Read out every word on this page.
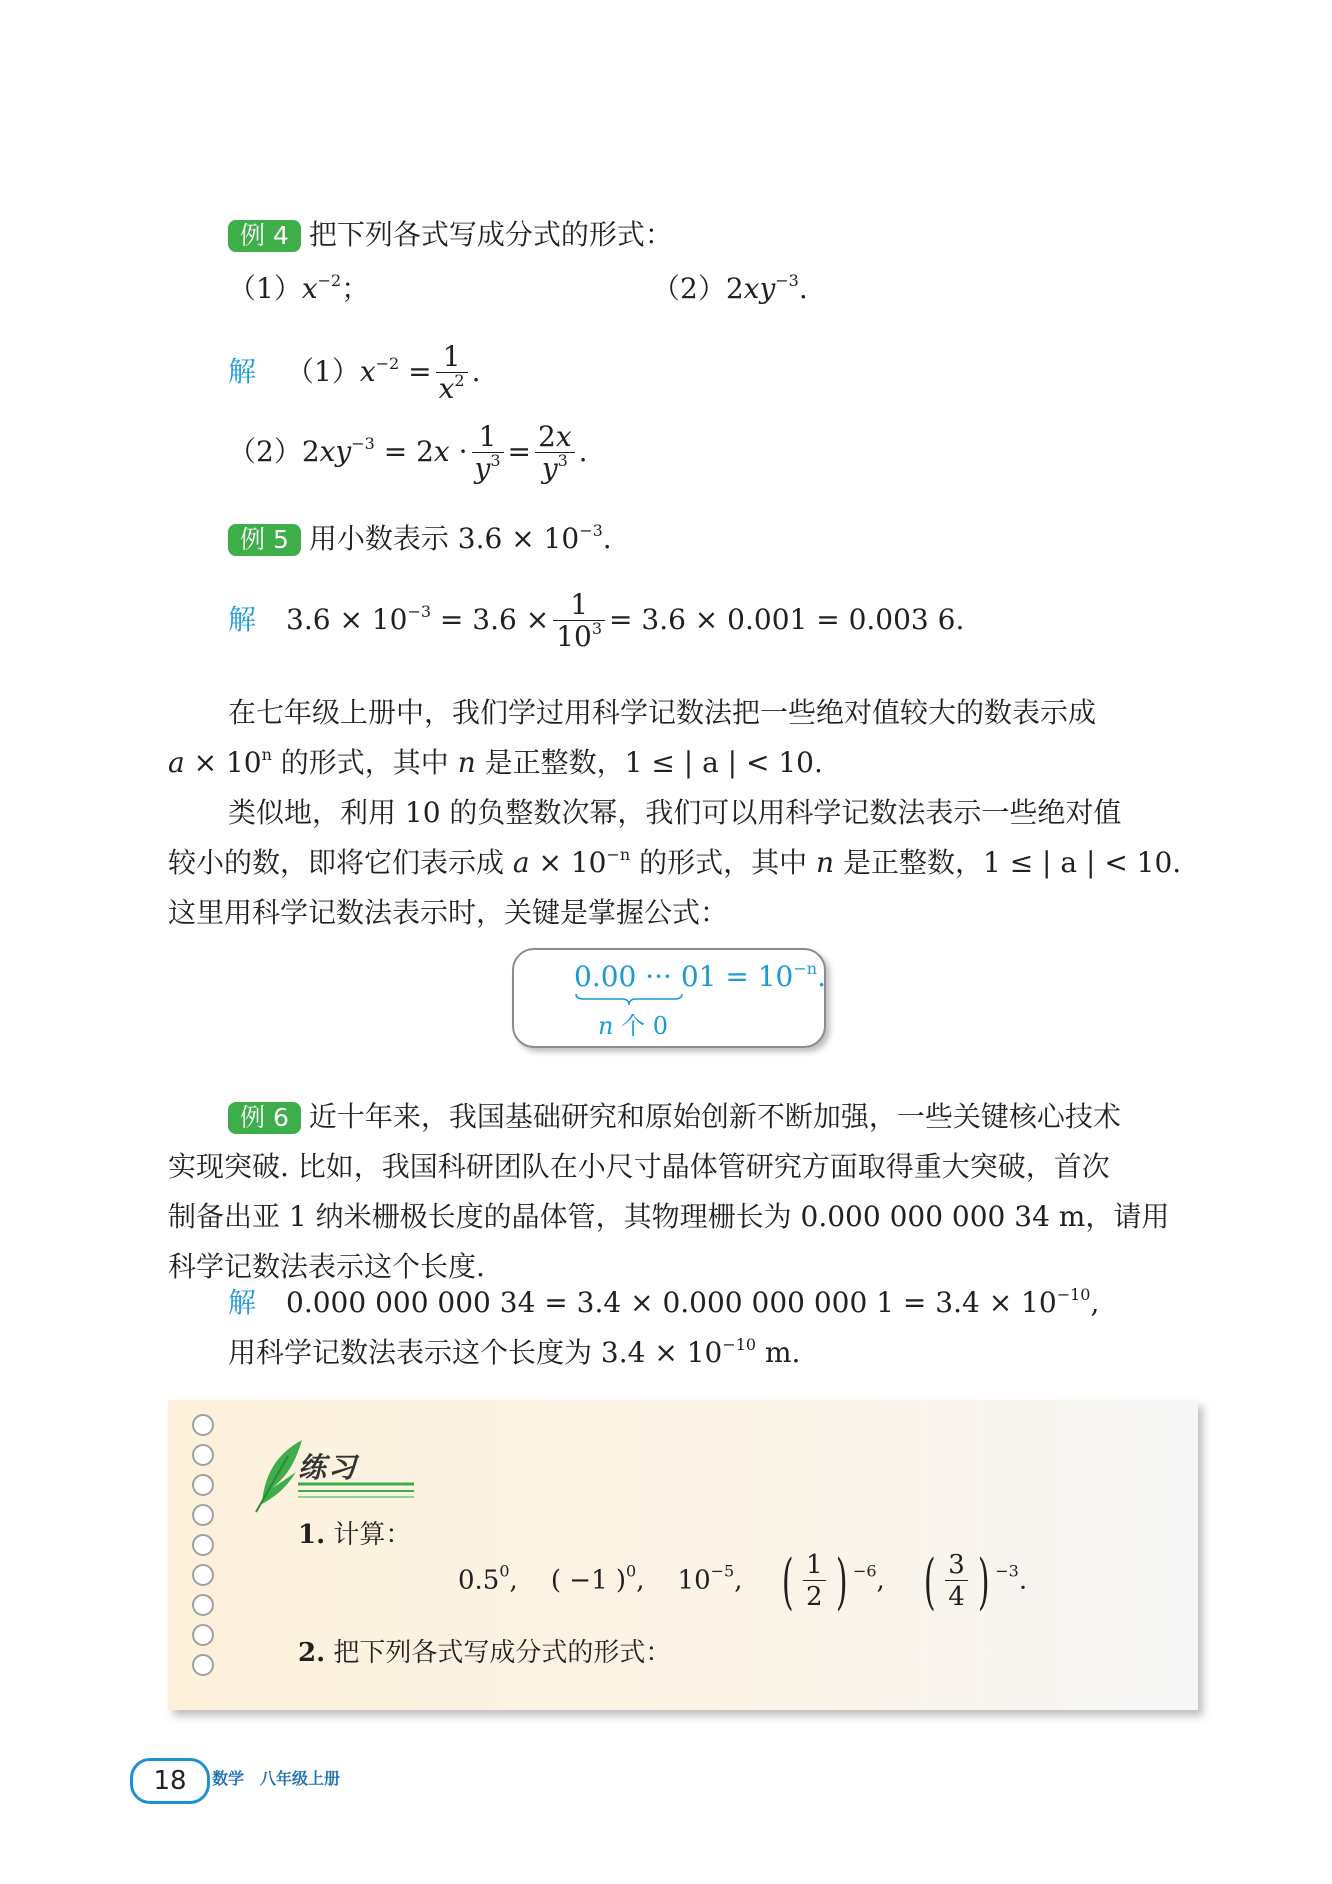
例 4 把下列各式写成分式的形式：
$(1)x^{-2}$；	$(2)2xy^{-3}$.
解 $(1)x^{-2} = \frac{1}{x^2}$ .
$(2)2xy^{-3} = 2x \cdot \frac{1}{y^3} = \frac{2x}{y^3}$ .
例 5 用小数表示 $3.6 \times 10^{-3}$.
解 $3.6 \times 10^{-3} = 3.6 \times \frac{1}{10^3} = 3.6 \times 0.001 = 0.003$ 6.

在七年级上册中，我们学过用科学记数法把一些绝对值较大的数表示成

$a \times 10^n$ 的形式，其中 n 是正整数，1 ≤ | a | < 10.

类似地，利用 10 的负整数次幂，我们可以用科学记数法表示一些绝对值

较小的数，即将它们表示成 $a \times 10^{-n}$ 的形式，其中 n 是正整数，1 ≤ | a | < 10.

这里用科学记数法表示时，关键是掌握公式：

0.00 ··· $01 = 10^{-n}$.
n 个 0

例 6 近十年来，我国基础研究和原始创新不断加强，一些关键核心技术

实现突破. 比如，我国科研团队在小尺寸晶体管研究方面取得重大突破，首次

制备出亚 1 纳米栅极长度的晶体管，其物理栅长为 0.000 000 000 34 m，请用

科学记数法表示这个长度.

解 0.000 000 000 34 = 3.4 × 0.000 000 000 $1 = 3.4 \times 10^{-10}$,
用科学记数法表示这个长度为 $3.4 \times 10^{-10}$ m.
练习
1. 计算：
$0.5^0$,    ( −1 )$^0$,    $10^{-5}$,    ( $\frac{1}{2}$ ) $^{-6}$,    ( $\frac{3}{4}$ ) $^{-3}$.
2. 把下列各式写成分式的形式：
18	数学　八年级上册
